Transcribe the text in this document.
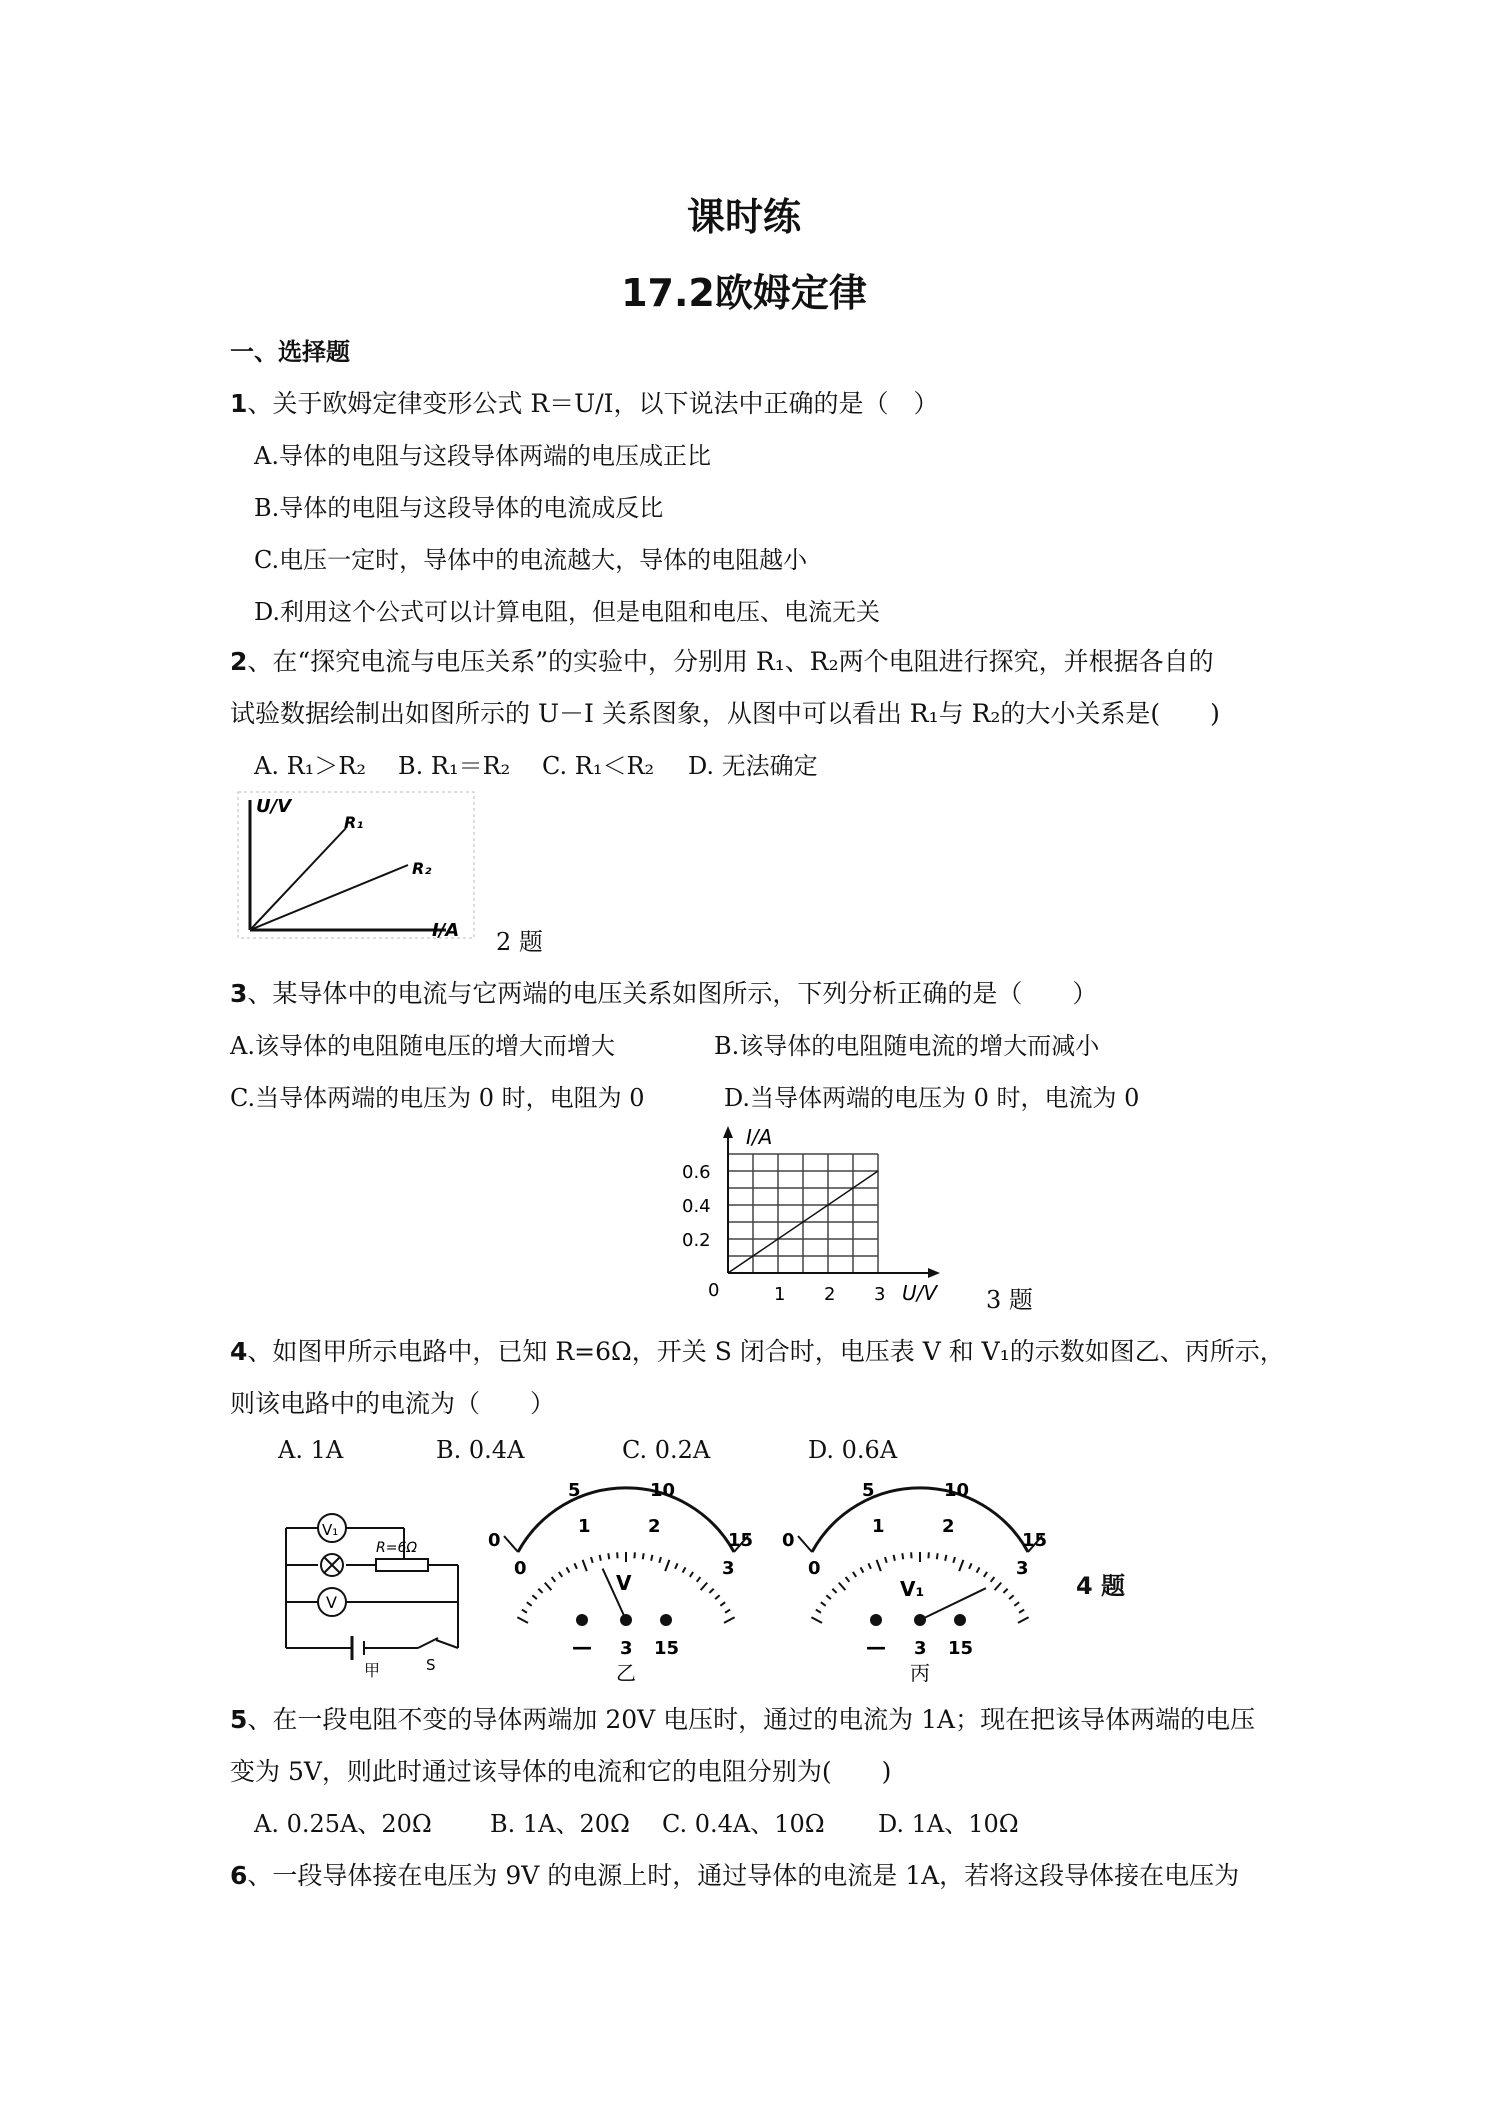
课时练
17.2欧姆定律
一、选择题
1、关于欧姆定律变形公式 R＝U/I，以下说法中正确的是（　）
A.导体的电阻与这段导体两端的电压成正比
B.导体的电阻与这段导体的电流成反比
C.电压一定时，导体中的电流越大，导体的电阻越小
D.利用这个公式可以计算电阻，但是电阻和电压、电流无关
2、在“探究电流与电压关系”的实验中，分别用 R₁、R₂两个电阻进行探究，并根据各自的
试验数据绘制出如图所示的 U－I 关系图象，从图中可以看出 R₁与 R₂的大小关系是(　　)
A. R₁＞R₂ B. R₁＝R₂ C. R₁＜R₂ D. 无法确定
U/V
I/A
R₁
R₂
2 题
3、某导体中的电流与它两端的电压关系如图所示，下列分析正确的是（　　）
A.该导体的电阻随电压的增大而增大	B.该导体的电阻随电流的增大而减小
C.当导体两端的电压为 0 时，电阻为 0	D.当导体两端的电压为 0 时，电流为 0
I/A
0.6
0.4
0.2
0	1 2 3 U/V 3 题
4、如图甲所示电路中，已知 R=6Ω，开关 S 闭合时，电压表 V 和 V₁的示数如图乙、丙所示，
则该电路中的电流为（　　）
A. 1A	B. 0.4A	C. 0.2A	D. 0.6A
V₁
V
R=6Ω
S
甲
0
5	10
15
0
1	2
3
V
— 3 15
乙
0
5	10
15
0
1	2
3
V₁
— 3 15
丙
4 题
5、在一段电阻不变的导体两端加 20V 电压时，通过的电流为 1A；现在把该导体两端的电压
变为 5V，则此时通过该导体的电流和它的电阻分别为(　　)
A. 0.25A、20Ω B. 1A、20Ω C. 0.4A、10Ω D. 1A、10Ω
6、一段导体接在电压为 9V 的电源上时，通过导体的电流是 1A，若将这段导体接在电压为
